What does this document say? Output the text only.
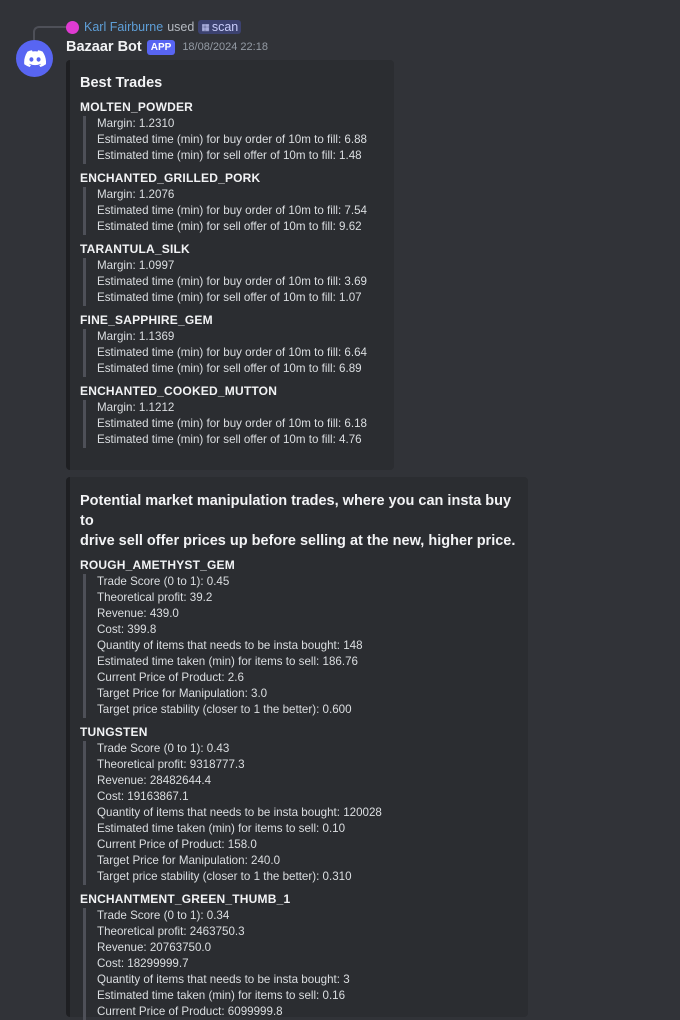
Karl Fairburne used ▦ scan
Bazaar Bot APP	18/08/2024 22:18
Best Trades
MOLTEN_POWDER
Margin: 1.2310
Estimated time (min) for buy order of 10m to fill: 6.88
Estimated time (min) for sell offer of 10m to fill: 1.48
ENCHANTED_GRILLED_PORK
Margin: 1.2076
Estimated time (min) for buy order of 10m to fill: 7.54
Estimated time (min) for sell offer of 10m to fill: 9.62
TARANTULA_SILK
Margin: 1.0997
Estimated time (min) for buy order of 10m to fill: 3.69
Estimated time (min) for sell offer of 10m to fill: 1.07
FINE_SAPPHIRE_GEM
Margin: 1.1369
Estimated time (min) for buy order of 10m to fill: 6.64
Estimated time (min) for sell offer of 10m to fill: 6.89
ENCHANTED_COOKED_MUTTON
Margin: 1.1212
Estimated time (min) for buy order of 10m to fill: 6.18
Estimated time (min) for sell offer of 10m to fill: 4.76
Potential market manipulation trades, where you can insta buy to
drive sell offer prices up before selling at the new, higher price.
ROUGH_AMETHYST_GEM
Trade Score (0 to 1): 0.45
Theoretical profit: 39.2
Revenue: 439.0
Cost: 399.8
Quantity of items that needs to be insta bought: 148
Estimated time taken (min) for items to sell: 186.76
Current Price of Product: 2.6
Target Price for Manipulation: 3.0
Target price stability (closer to 1 the better): 0.600
TUNGSTEN
Trade Score (0 to 1): 0.43
Theoretical profit: 9318777.3
Revenue: 28482644.4
Cost: 19163867.1
Quantity of items that needs to be insta bought: 120028
Estimated time taken (min) for items to sell: 0.10
Current Price of Product: 158.0
Target Price for Manipulation: 240.0
Target price stability (closer to 1 the better): 0.310
ENCHANTMENT_GREEN_THUMB_1
Trade Score (0 to 1): 0.34
Theoretical profit: 2463750.3
Revenue: 20763750.0
Cost: 18299999.7
Quantity of items that needs to be insta bought: 3
Estimated time taken (min) for items to sell: 0.16
Current Price of Product: 6099999.8
